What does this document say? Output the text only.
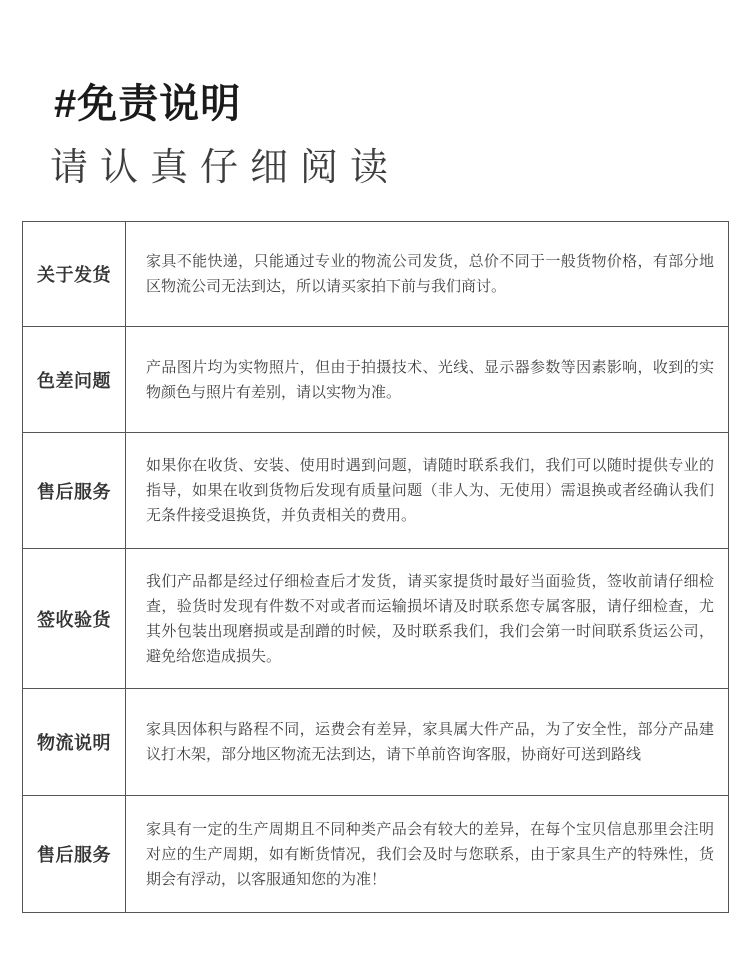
#免责说明
请认真仔细阅读
关于发货
家具不能快递，只能通过专业的物流公司发货，总价不同于一般货物价格，有部分地区物流公司无法到达，所以请买家拍下前与我们商讨。
色差问题
产品图片均为实物照片，但由于拍摄技术、光线、显示器参数等因素影响，收到的实物颜色与照片有差别，请以实物为准。
售后服务
如果你在收货、安装、使用时遇到问题，请随时联系我们，我们可以随时提供专业的指导，如果在收到货物后发现有质量问题（非人为、无使用）需退换或者经确认我们无条件接受退换货，并负责相关的费用。
签收验货
我们产品都是经过仔细检查后才发货，请买家提货时最好当面验货，签收前请仔细检查，验货时发现有件数不对或者而运输损坏请及时联系您专属客服，请仔细检查，尤其外包装出现磨损或是刮蹭的时候，及时联系我们，我们会第一时间联系货运公司，避免给您造成损失。
物流说明
家具因体积与路程不同，运费会有差异，家具属大件产品，为了安全性，部分产品建议打木架，部分地区物流无法到达，请下单前咨询客服，协商好可送到路线
售后服务
家具有一定的生产周期且不同种类产品会有较大的差异，在每个宝贝信息那里会注明对应的生产周期，如有断货情况，我们会及时与您联系，由于家具生产的特殊性，货期会有浮动，以客服通知您的为准！
